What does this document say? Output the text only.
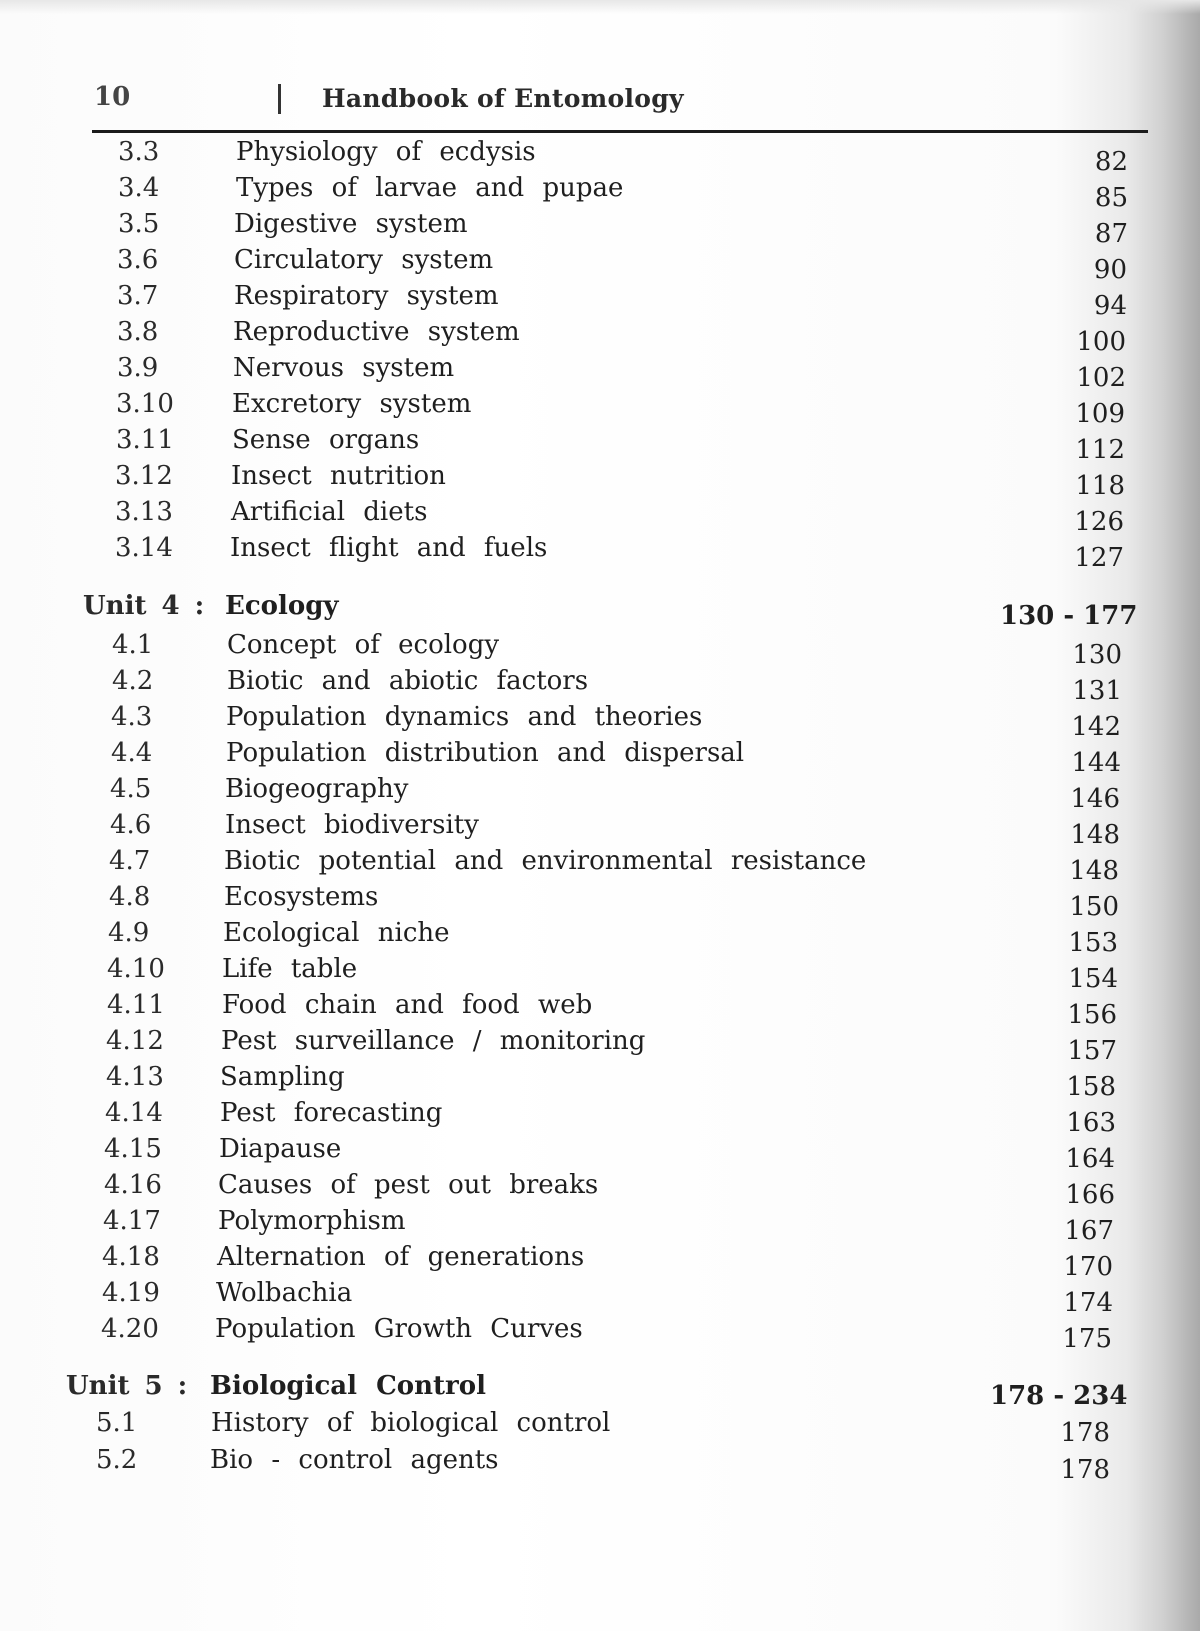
10	Handbook of Entomology
3.3	Physiology of ecdysis	82
3.4	Types of larvae and pupae	85
3.5	Digestive system	87
3.6	Circulatory system	90
3.7	Respiratory system	94
3.8	Reproductive system	100
3.9	Nervous system	102
3.10 Excretory system	109
3.11 Sense organs	112
3.12 Insect nutrition	118
3.13 Artificial diets	126
3.14 Insect flight and fuels	127
Unit 4 : Ecology	130 - 177
4.1	Concept of ecology	130
4.2	Biotic and abiotic factors	131
4.3	Population dynamics and theories	142
4.4	Population distribution and dispersal	144
4.5	Biogeography	146
4.6	Insect biodiversity	148
4.7	Biotic potential and environmental resistance	148
4.8	Ecosystems	150
4.9	Ecological niche	153
4.10 Life table	154
4.11 Food chain and food web	156
4.12 Pest surveillance / monitoring	157
4.13 Sampling	158
4.14 Pest forecasting	163
4.15 Diapause	164
4.16 Causes of pest out breaks	166
4.17 Polymorphism	167
4.18 Alternation of generations	170
4.19 Wolbachia	174
4.20 Population Growth Curves	175
Unit 5 : Biological Control	178 - 234
5.1	History of biological control	178
5.2	Bio - control agents	178
